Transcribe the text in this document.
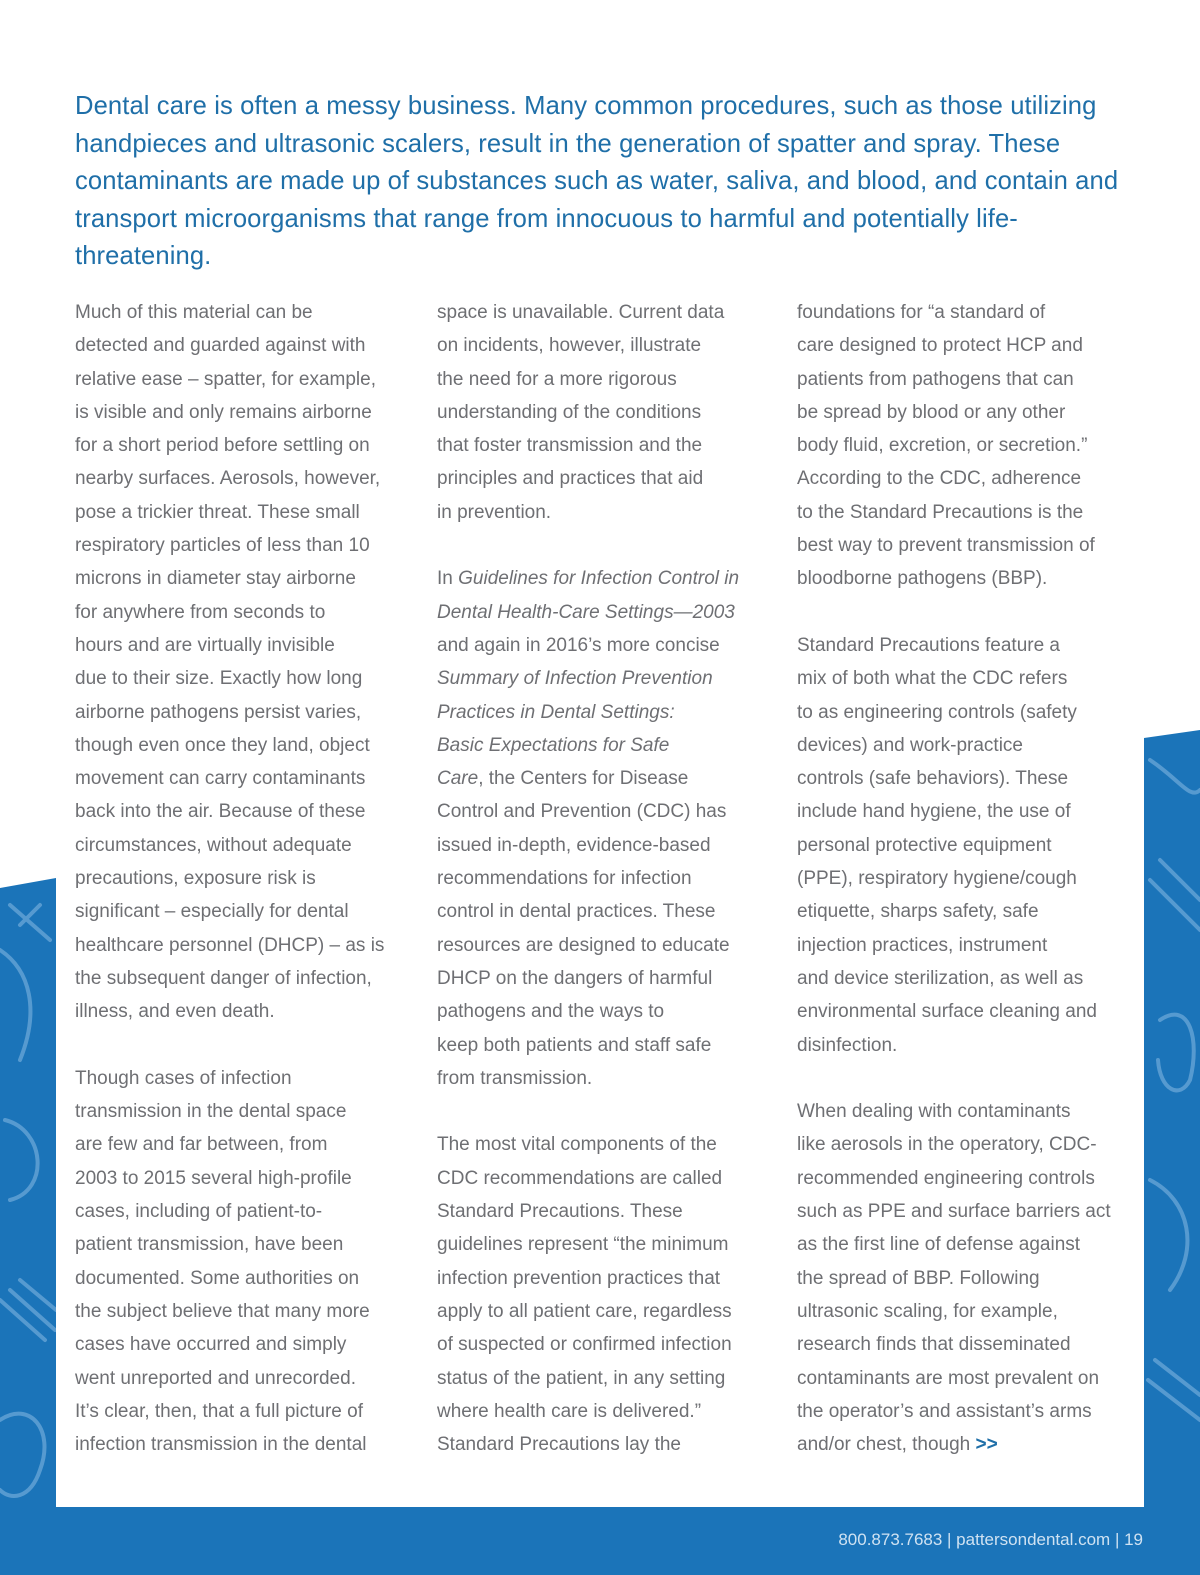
Dental care is often a messy business. Many common procedures, such as those utilizing handpieces and ultrasonic scalers, result in the generation of spatter and spray. These contaminants are made up of substances such as water, saliva, and blood, and contain and transport microorganisms that range from innocuous to harmful and potentially life-threatening.

Much of this material can be
detected and guarded against with
relative ease – spatter, for example,
is visible and only remains airborne
for a short period before settling on
nearby surfaces. Aerosols, however,
pose a trickier threat. These small
respiratory particles of less than 10
microns in diameter stay airborne
for anywhere from seconds to
hours and are virtually invisible
due to their size. Exactly how long
airborne pathogens persist varies,
though even once they land, object
movement can carry contaminants
back into the air. Because of these
circumstances, without adequate
precautions, exposure risk is
significant – especially for dental
healthcare personnel (DHCP) – as is
the subsequent danger of infection,
illness, and even death.

Though cases of infection
transmission in the dental space
are few and far between, from
2003 to 2015 several high-profile
cases, including of patient-to-
patient transmission, have been
documented. Some authorities on
the subject believe that many more
cases have occurred and simply
went unreported and unrecorded.
It’s clear, then, that a full picture of
infection transmission in the dental

space is unavailable. Current data
on incidents, however, illustrate
the need for a more rigorous
understanding of the conditions
that foster transmission and the
principles and practices that aid
in prevention.

In Guidelines for Infection Control in
Dental Health-Care Settings—2003
and again in 2016’s more concise
Summary of Infection Prevention
Practices in Dental Settings:
Basic Expectations for Safe
Care, the Centers for Disease
Control and Prevention (CDC) has
issued in-depth, evidence-based
recommendations for infection
control in dental practices. These
resources are designed to educate
DHCP on the dangers of harmful
pathogens and the ways to
keep both patients and staff safe
from transmission.

The most vital components of the
CDC recommendations are called
Standard Precautions. These
guidelines represent “the minimum
infection prevention practices that
apply to all patient care, regardless
of suspected or confirmed infection
status of the patient, in any setting
where health care is delivered.”
Standard Precautions lay the

foundations for “a standard of
care designed to protect HCP and
patients from pathogens that can
be spread by blood or any other
body fluid, excretion, or secretion.”
According to the CDC, adherence
to the Standard Precautions is the
best way to prevent transmission of
bloodborne pathogens (BBP).

Standard Precautions feature a
mix of both what the CDC refers
to as engineering controls (safety
devices) and work-practice
controls (safe behaviors). These
include hand hygiene, the use of
personal protective equipment
(PPE), respiratory hygiene/cough
etiquette, sharps safety, safe
injection practices, instrument
and device sterilization, as well as
environmental surface cleaning and
disinfection.

When dealing with contaminants
like aerosols in the operatory, CDC-
recommended engineering controls
such as PPE and surface barriers act
as the first line of defense against
the spread of BBP. Following
ultrasonic scaling, for example,
research finds that disseminated
contaminants are most prevalent on
the operator’s and assistant’s arms
and/or chest, though >>

800.873.7683 | pattersondental.com | 19
